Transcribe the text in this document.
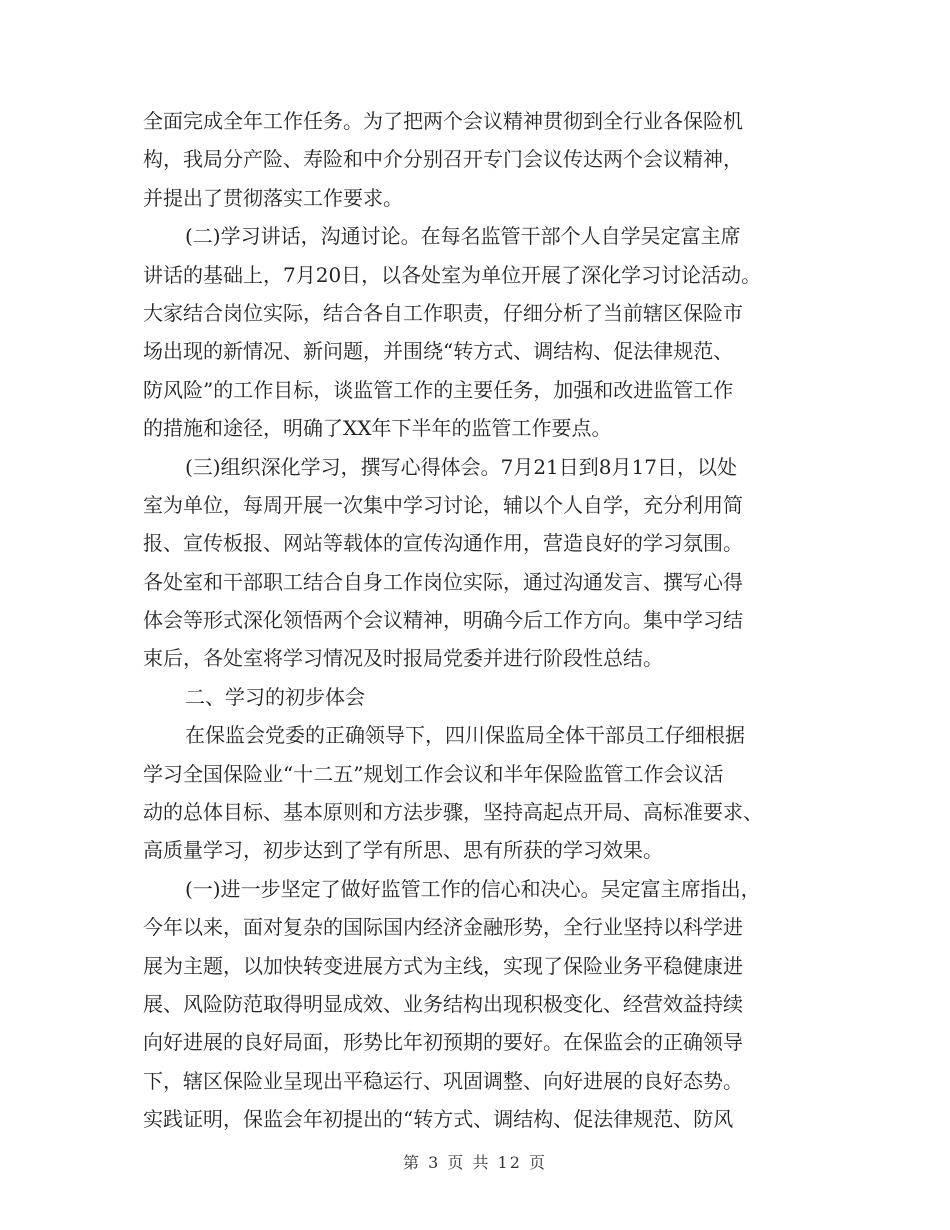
全面完成全年工作任务。为了把两个会议精神贯彻到全行业各保险机
构，我局分产险、寿险和中介分别召开专门会议传达两个会议精神，
并提出了贯彻落实工作要求。
(二)学习讲话，沟通讨论。在每名监管干部个人自学吴定富主席
讲话的基础上，7月20日，以各处室为单位开展了深化学习讨论活动。
大家结合岗位实际，结合各自工作职责，仔细分析了当前辖区保险市
场出现的新情况、新问题，并围绕“转方式、调结构、促法律规范、
防风险”的工作目标，谈监管工作的主要任务，加强和改进监管工作
的措施和途径，明确了XX年下半年的监管工作要点。
(三)组织深化学习，撰写心得体会。7月21日到8月17日，以处
室为单位，每周开展一次集中学习讨论，辅以个人自学，充分利用简
报、宣传板报、网站等载体的宣传沟通作用，营造良好的学习氛围。
各处室和干部职工结合自身工作岗位实际，通过沟通发言、撰写心得
体会等形式深化领悟两个会议精神，明确今后工作方向。集中学习结
束后，各处室将学习情况及时报局党委并进行阶段性总结。
二、学习的初步体会
在保监会党委的正确领导下，四川保监局全体干部员工仔细根据
学习全国保险业“十二五”规划工作会议和半年保险监管工作会议活
动的总体目标、基本原则和方法步骤，坚持高起点开局、高标准要求、
高质量学习，初步达到了学有所思、思有所获的学习效果。
(一)进一步坚定了做好监管工作的信心和决心。吴定富主席指出，
今年以来，面对复杂的国际国内经济金融形势，全行业坚持以科学进
展为主题，以加快转变进展方式为主线，实现了保险业务平稳健康进
展、风险防范取得明显成效、业务结构出现积极变化、经营效益持续
向好进展的良好局面，形势比年初预期的要好。在保监会的正确领导
下，辖区保险业呈现出平稳运行、巩固调整、向好进展的良好态势。
实践证明，保监会年初提出的“转方式、调结构、促法律规范、防风
第 3 页 共 12 页
